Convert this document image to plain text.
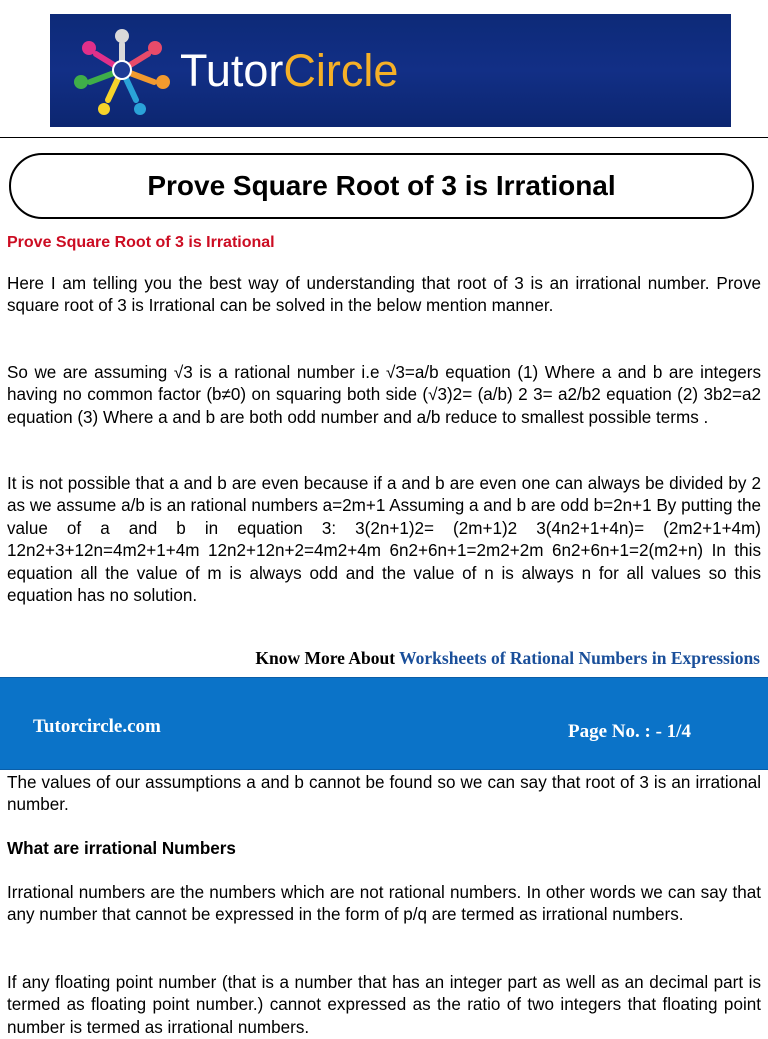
TutorCircle
Prove Square Root of 3 is Irrational
Prove Square Root of 3 is Irrational
Here I am telling you the best way of understanding that root of 3 is an irrational number. Prove square root of 3 is Irrational can be solved in the below mention manner.
So we are assuming √3 is a rational number i.e √3=a/b equation (1) Where a and b are integers having no common factor (b≠0) on squaring both side (√3)2= (a/b) 2 3= a2/b2 equation (2) 3b2=a2 equation (3) Where a and b are both odd number and a/b reduce to smallest possible terms .
It is not possible that a and b are even because if a and b are even one can always be divided by 2 as we assume a/b is an rational numbers a=2m+1 Assuming a and b are odd b=2n+1 By putting the value of a and b in equation 3: 3(2n+1)2= (2m+1)2 3(4n2+1+4n)= (2m2+1+4m) 12n2+3+12n=4m2+1+4m 12n2+12n+2=4m2+4m 6n2+6n+1=2m2+2m 6n2+6n+1=2(m2+n) In this equation all the value of m is always odd and the value of n is always n for all values so this equation has no solution.
Know More About Worksheets of Rational Numbers in Expressions
Tutorcircle.com	Page No. : - 1/4
The values of our assumptions a and b cannot be found so we can say that root of 3 is an irrational number.
What are irrational Numbers
Irrational numbers are the numbers which are not rational numbers. In other words we can say that any number that cannot be expressed in the form of p/q are termed as irrational numbers.
If any floating point number (that is a number that has an integer part as well as an decimal part is termed as floating point number.) cannot expressed as the ratio of two integers that floating point number is termed as irrational numbers.
